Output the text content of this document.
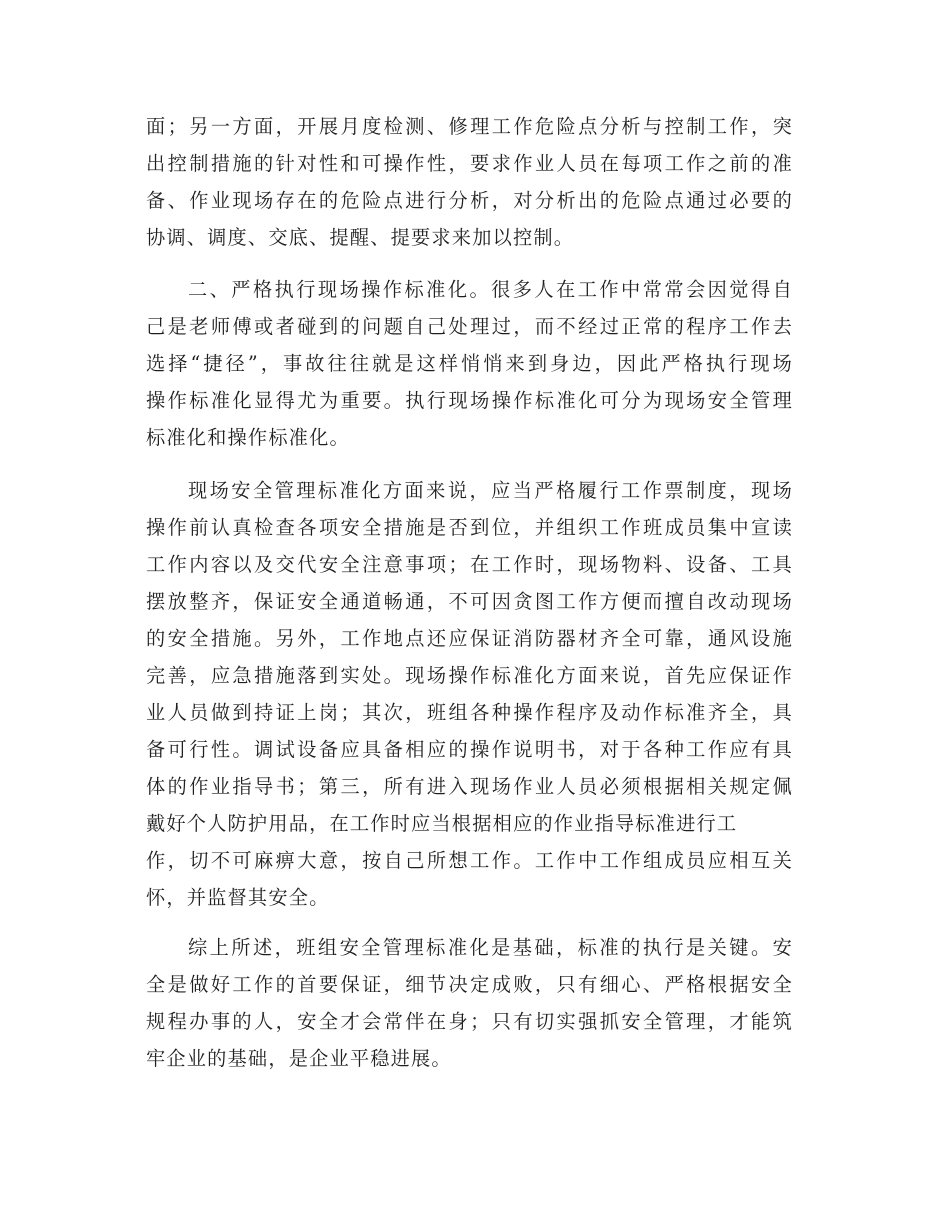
面；另一方面，开展月度检测、修理工作危险点分析与控制工作，突
出控制措施的针对性和可操作性，要求作业人员在每项工作之前的准
备、作业现场存在的危险点进行分析，对分析出的危险点通过必要的
协调、调度、交底、提醒、提要求来加以控制。
二、严格执行现场操作标准化。很多人在工作中常常会因觉得自
己是老师傅或者碰到的问题自己处理过，而不经过正常的程序工作去
选择“捷径”，事故往往就是这样悄悄来到身边，因此严格执行现场
操作标准化显得尤为重要。执行现场操作标准化可分为现场安全管理
标准化和操作标准化。
现场安全管理标准化方面来说，应当严格履行工作票制度，现场
操作前认真检查各项安全措施是否到位，并组织工作班成员集中宣读
工作内容以及交代安全注意事项；在工作时，现场物料、设备、工具
摆放整齐，保证安全通道畅通，不可因贪图工作方便而擅自改动现场
的安全措施。另外，工作地点还应保证消防器材齐全可靠，通风设施
完善，应急措施落到实处。现场操作标准化方面来说，首先应保证作
业人员做到持证上岗；其次，班组各种操作程序及动作标准齐全，具
备可行性。调试设备应具备相应的操作说明书，对于各种工作应有具
体的作业指导书；第三，所有进入现场作业人员必须根据相关规定佩
戴好个人防护用品，在工作时应当根据相应的作业指导标准进行工
作，切不可麻痹大意，按自己所想工作。工作中工作组成员应相互关
怀，并监督其安全。
综上所述，班组安全管理标准化是基础，标准的执行是关键。安
全是做好工作的首要保证，细节决定成败，只有细心、严格根据安全
规程办事的人，安全才会常伴在身；只有切实强抓安全管理，才能筑
牢企业的基础，是企业平稳进展。
